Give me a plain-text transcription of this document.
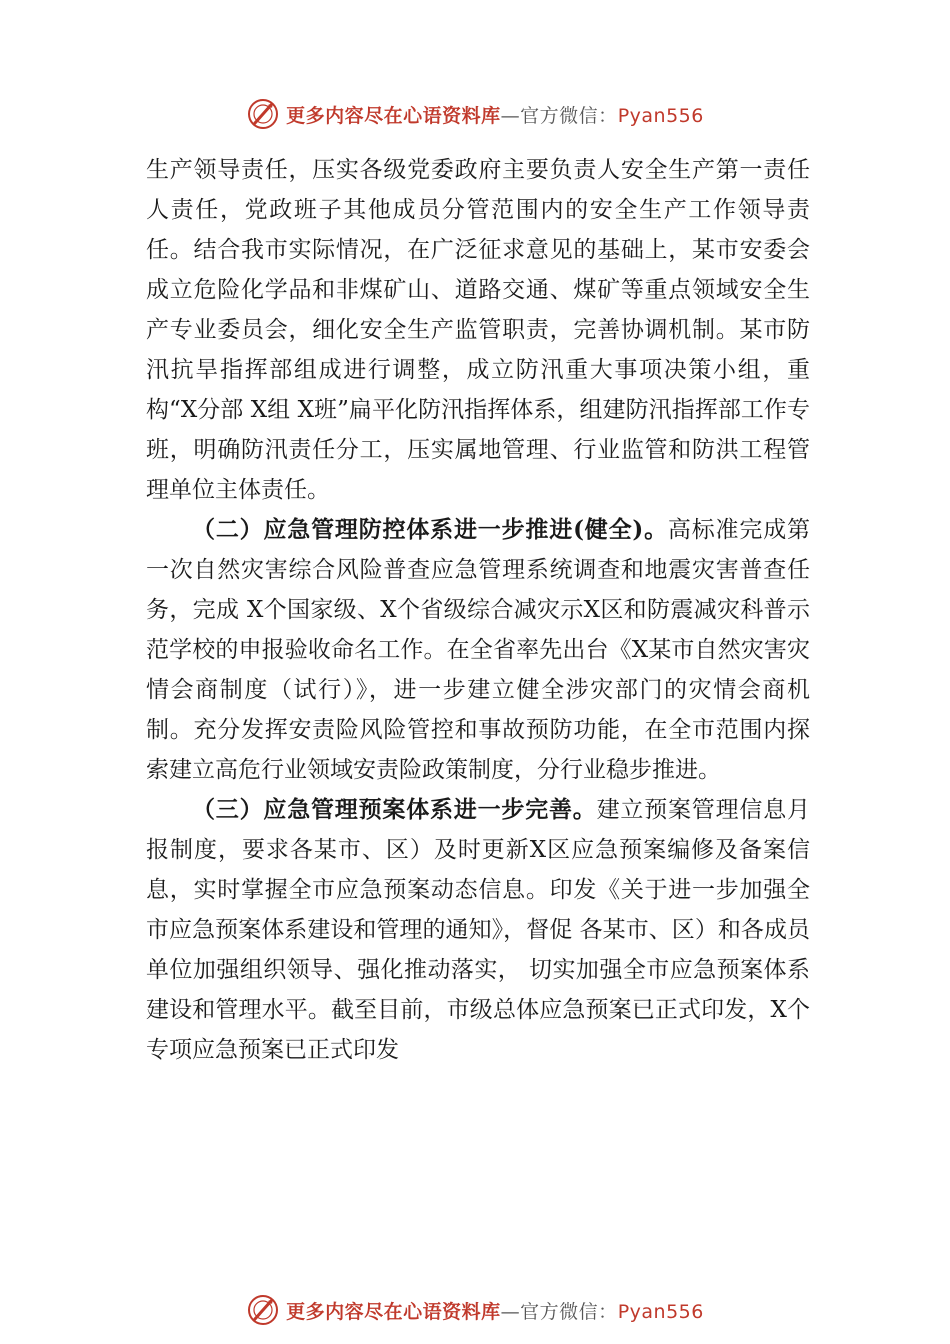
更多内容尽在心语资料库—官方微信：Pyan556

生产领导责任，压实各级党委政府主要负责人安全生产第一责任人责任，党政班子其他成员分管范围内的安全生产工作领导责任。结合我市实际情况，在广泛征求意见的基础上，某市安委会成立危险化学品和非煤矿山、道路交通、煤矿等重点领域安全生产专业委员会，细化安全生产监管职责，完善协调机制。某市防汛抗旱指挥部组成进行调整，成立防汛重大事项决策小组，重构“X分部 X组 X班”扁平化防汛指挥体系，组建防汛指挥部工作专班，明确防汛责任分工，压实属地管理、行业监管和防洪工程管理单位主体责任。

（二）应急管理防控体系进一步推进(健全)。高标准完成第一次自然灾害综合风险普查应急管理系统调查和地震灾害普查任务，完成 X个国家级、X个省级综合减灾示X区和防震减灾科普示范学校的申报验收命名工作。在全省率先出台《X某市自然灾害灾情会商制度（试行）》，进一步建立健全涉灾部门的灾情会商机制。充分发挥安责险风险管控和事故预防功能，在全市范围内探索建立高危行业领域安责险政策制度，分行业稳步推进。

（三）应急管理预案体系进一步完善。建立预案管理信息月报制度，要求各某市、区）及时更新X区应急预案编修及备案信息，实时掌握全市应急预案动态信息。印发《关于进一步加强全市应急预案体系建设和管理的通知》，督促 各某市、区）和各成员单位加强组织领导、强化推动落实， 切实加强全市应急预案体系建设和管理水平。截至目前，市级总体应急预案已正式印发，X个专项应急预案已正式印发

更多内容尽在心语资料库—官方微信：Pyan556
